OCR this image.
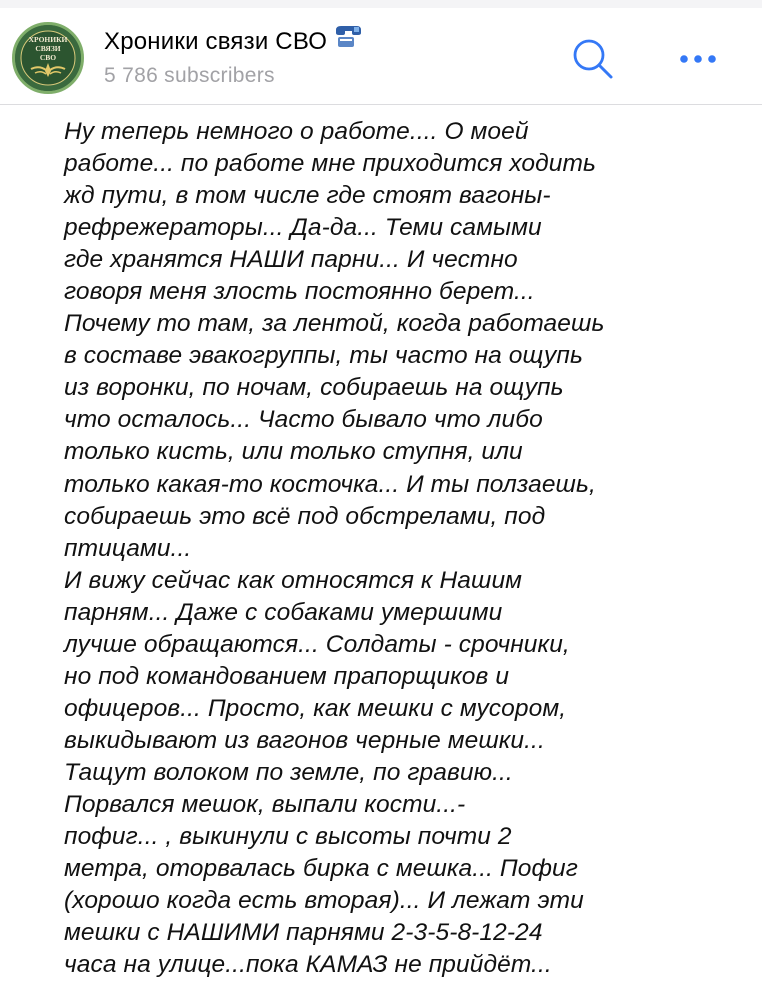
ХРОНИКИ
СВЯЗИ
СВО
Хроники связи СВО
5 786 subscribers
Ну теперь немного о работе.... О моей
работе... по работе мне приходится ходить
жд пути, в том числе где стоят вагоны-
рефрежераторы... Да-да... Теми самыми
где хранятся НАШИ парни... И честно
говоря меня злость постоянно берет...
Почему то там, за лентой, когда работаешь
в составе эвакогруппы, ты часто на ощупь
из воронки, по ночам, собираешь на ощупь
что осталось... Часто бывало что либо
только кисть, или только ступня, или
только какая-то косточка... И ты ползаешь,
собираешь это всё под обстрелами, под
птицами...
И вижу сейчас как относятся к Нашим
парням... Даже с собаками умершими
лучше обращаются... Солдаты - срочники,
но под командованием прапорщиков и
офицеров... Просто, как мешки с мусором,
выкидывают из вагонов черные мешки...
Тащут волоком по земле, по гравию...
Порвался мешок, выпали кости...-
пофиг... , выкинули с высоты почти 2
метра, оторвалась бирка с мешка... Пофиг
(хорошо когда есть вторая)... И лежат эти
мешки с НАШИМИ парнями 2-3-5-8-12-24
часа на улице...пока КАМАЗ не прийдёт...
